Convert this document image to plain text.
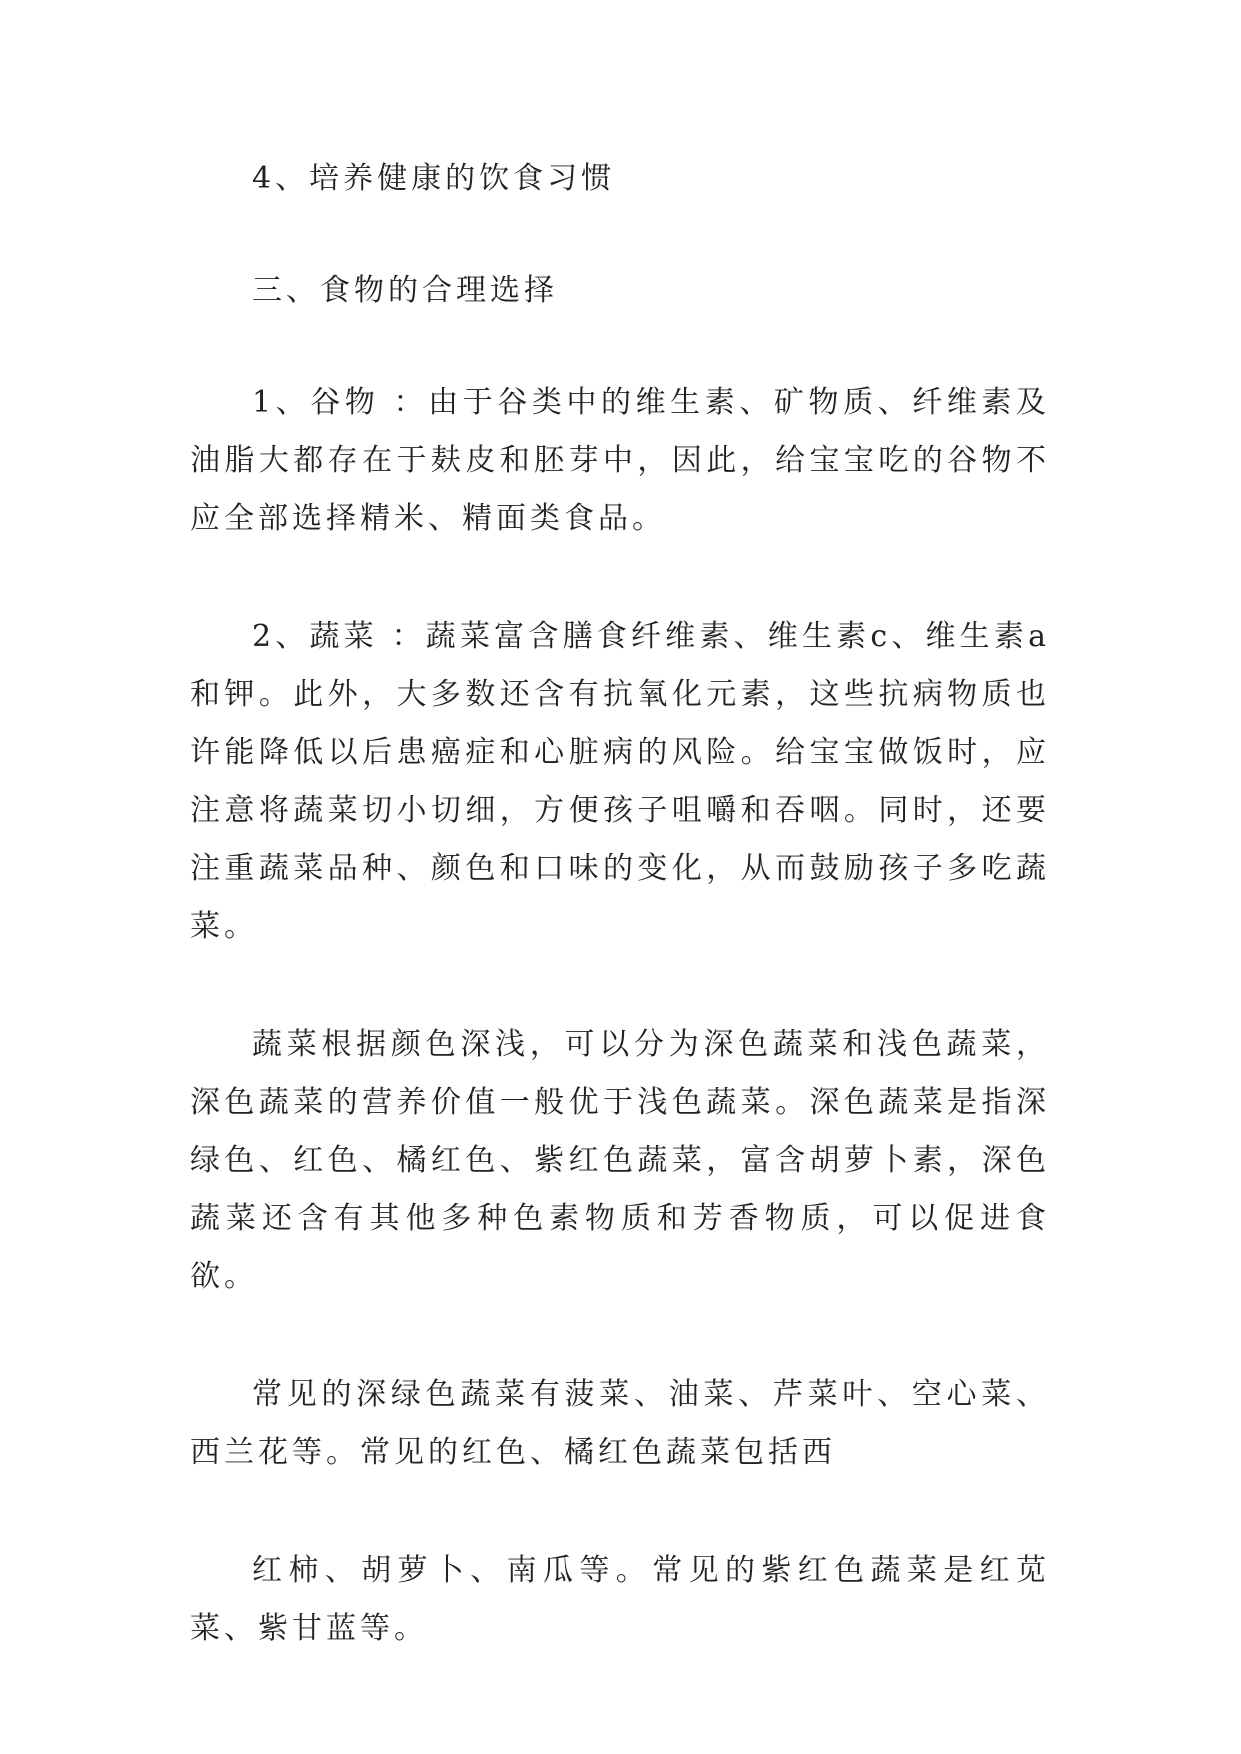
4、培养健康的饮食习惯

三、食物的合理选择

1、谷物 ：由于谷类中的维生素、矿物质、纤维素及油脂大都存在于麸皮和胚芽中，因此，给宝宝吃的谷物不应全部选择精米、精面类食品。

2、蔬菜 ：蔬菜富含膳食纤维素、维生素c、维生素a和钾。此外，大多数还含有抗氧化元素，这些抗病物质也许能降低以后患癌症和心脏病的风险。给宝宝做饭时，应注意将蔬菜切小切细，方便孩子咀嚼和吞咽。同时，还要注重蔬菜品种、颜色和口味的变化，从而鼓励孩子多吃蔬菜。

蔬菜根据颜色深浅，可以分为深色蔬菜和浅色蔬菜，深色蔬菜的营养价值一般优于浅色蔬菜。深色蔬菜是指深绿色、红色、橘红色、紫红色蔬菜，富含胡萝卜素，深色蔬菜还含有其他多种色素物质和芳香物质，可以促进食欲。

常见的深绿色蔬菜有菠菜、油菜、芹菜叶、空心菜、西兰花等。常见的红色、橘红色蔬菜包括西

红柿、胡萝卜、南瓜等。常见的紫红色蔬菜是红苋菜、紫甘蓝等。
